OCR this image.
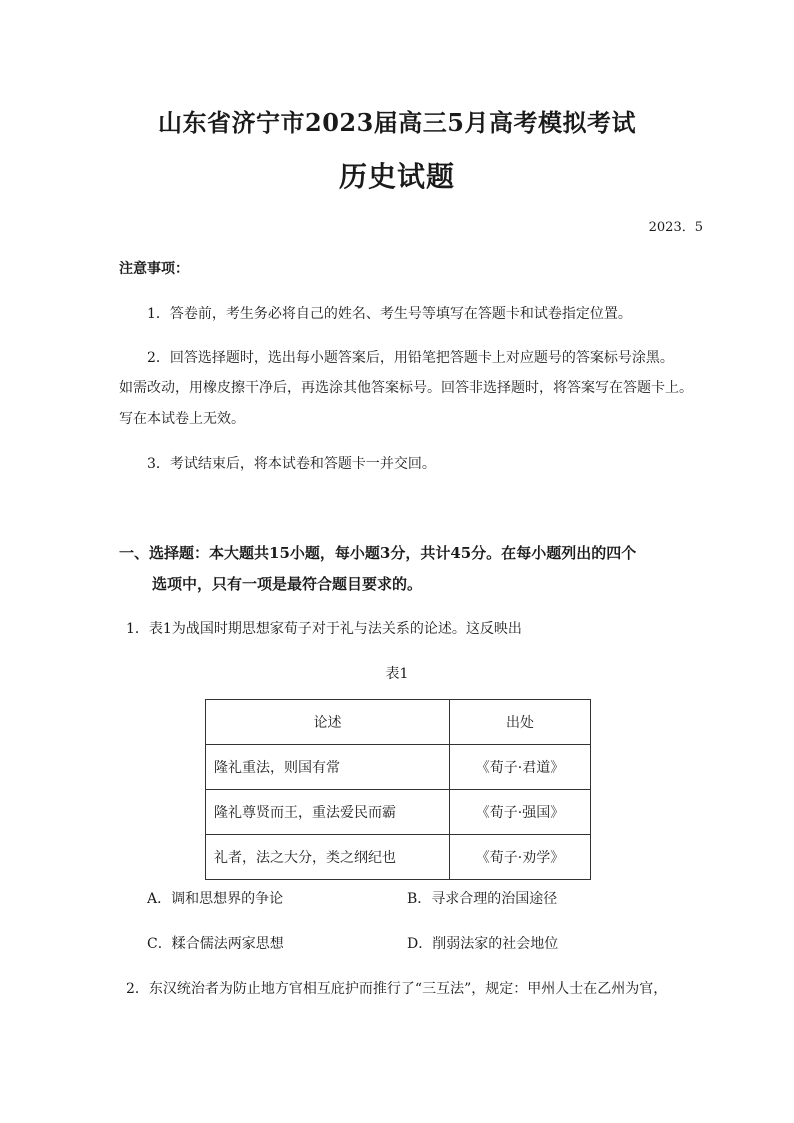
山东省济宁市2023届高三5月高考模拟考试
历史试题
2023．5
注意事项：
1．答卷前，考生务必将自己的姓名、考生号等填写在答题卡和试卷指定位置。
2．回答选择题时，选出每小题答案后，用铅笔把答题卡上对应题号的答案标号涂黑。
如需改动，用橡皮擦干净后，再选涂其他答案标号。回答非选择题时，将答案写在答题卡上。
写在本试卷上无效。
3．考试结束后，将本试卷和答题卡一并交回。
一、选择题：本大题共15小题，每小题3分，共计45分。在每小题列出的四个
选项中，只有一项是最符合题目要求的。
1．表1为战国时期思想家荀子对于礼与法关系的论述。这反映出
表1
论述	出处
隆礼重法，则国有常	《荀子·君道》
隆礼尊贤而王，重法爱民而霸	《荀子·强国》
礼者，法之大分，类之纲纪也	《荀子·劝学》
A．调和思想界的争论	B．寻求合理的治国途径
C．糅合儒法两家思想	D．削弱法家的社会地位
2．东汉统治者为防止地方官相互庇护而推行了“三互法”，规定：甲州人士在乙州为官，
